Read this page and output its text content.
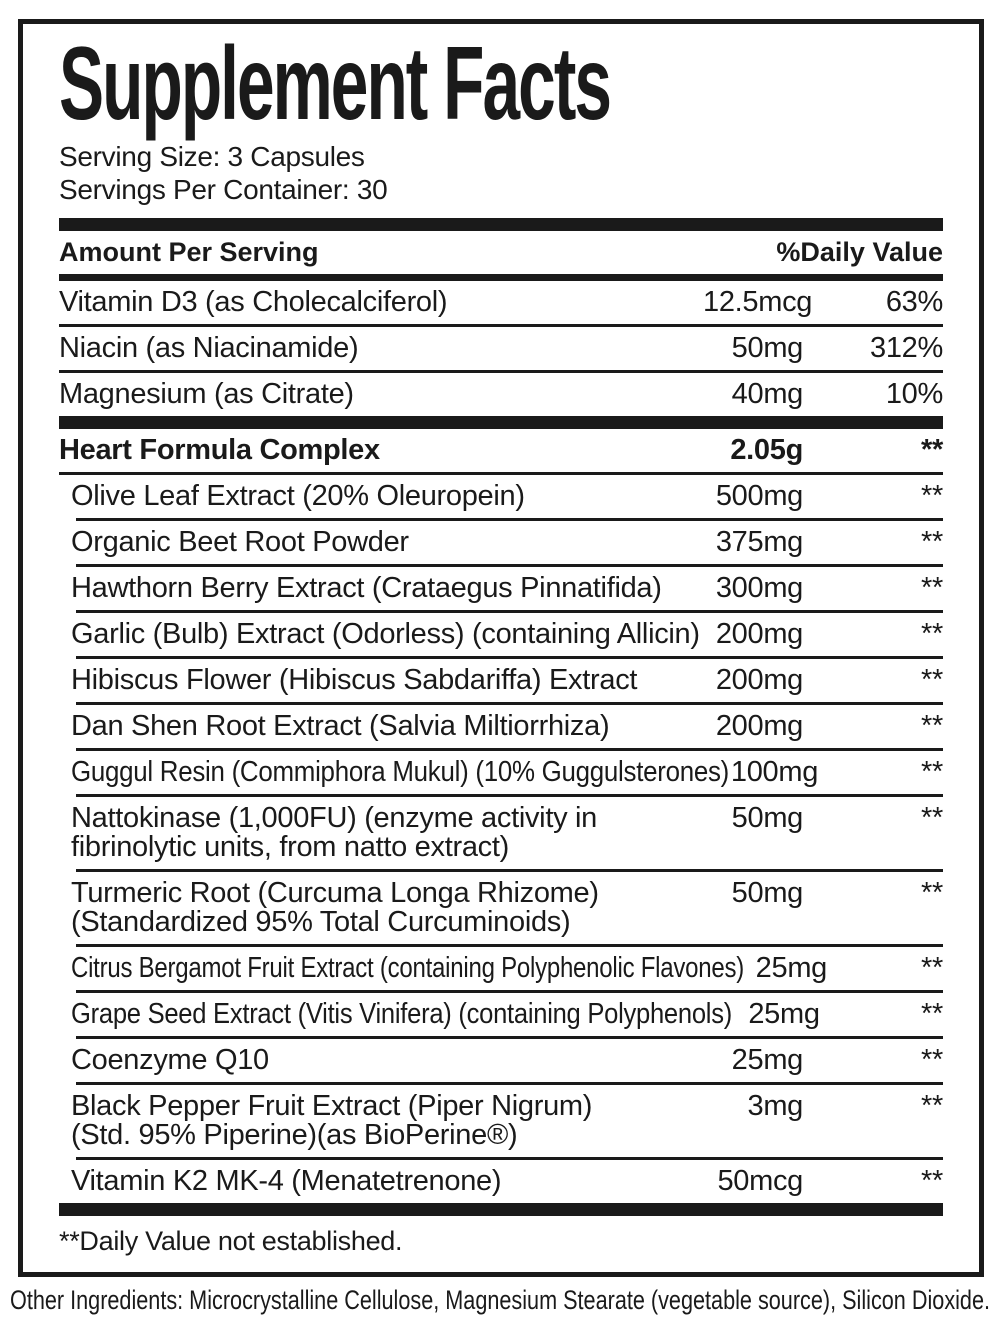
Supplement Facts
Serving Size: 3 Capsules
Servings Per Container: 30
Amount Per Serving	%Daily Value
Vitamin D3 (as Cholecalciferol)	12.5mcg	63%
Niacin (as Niacinamide)	50mg	312%
Magnesium (as Citrate)	40mg	10%
Heart Formula Complex	2.05g	**
Olive Leaf Extract (20% Oleuropein)	500mg	**
Organic Beet Root Powder	375mg	**
Hawthorn Berry Extract (Crataegus Pinnatifida)	300mg	**
Garlic (Bulb) Extract (Odorless) (containing Allicin) 200mg	**
Hibiscus Flower (Hibiscus Sabdariffa) Extract	200mg	**
Dan Shen Root Extract (Salvia Miltiorrhiza)	200mg	**
Guggul Resin (Commiphora Mukul) (10% Guggulsterones) 100mg	**
Nattokinase (1,000FU) (enzyme activity in
fibrinolytic units, from natto extract)
50mg	**
Turmeric Root (Curcuma Longa Rhizome)
(Standardized 95% Total Curcuminoids)
50mg	**
Citrus Bergamot Fruit Extract (containing Polyphenolic Flavones) 25mg	**
Grape Seed Extract (Vitis Vinifera) (containing Polyphenols) 25mg	**
Coenzyme Q10	25mg	**
Black Pepper Fruit Extract (Piper Nigrum)
(Std. 95% Piperine)(as BioPerine®)
3mg	**
Vitamin K2 MK-4 (Menatetrenone)	50mcg	**
**Daily Value not established.
Other Ingredients: Microcrystalline Cellulose, Magnesium Stearate (vegetable source), Silicon Dioxide.
